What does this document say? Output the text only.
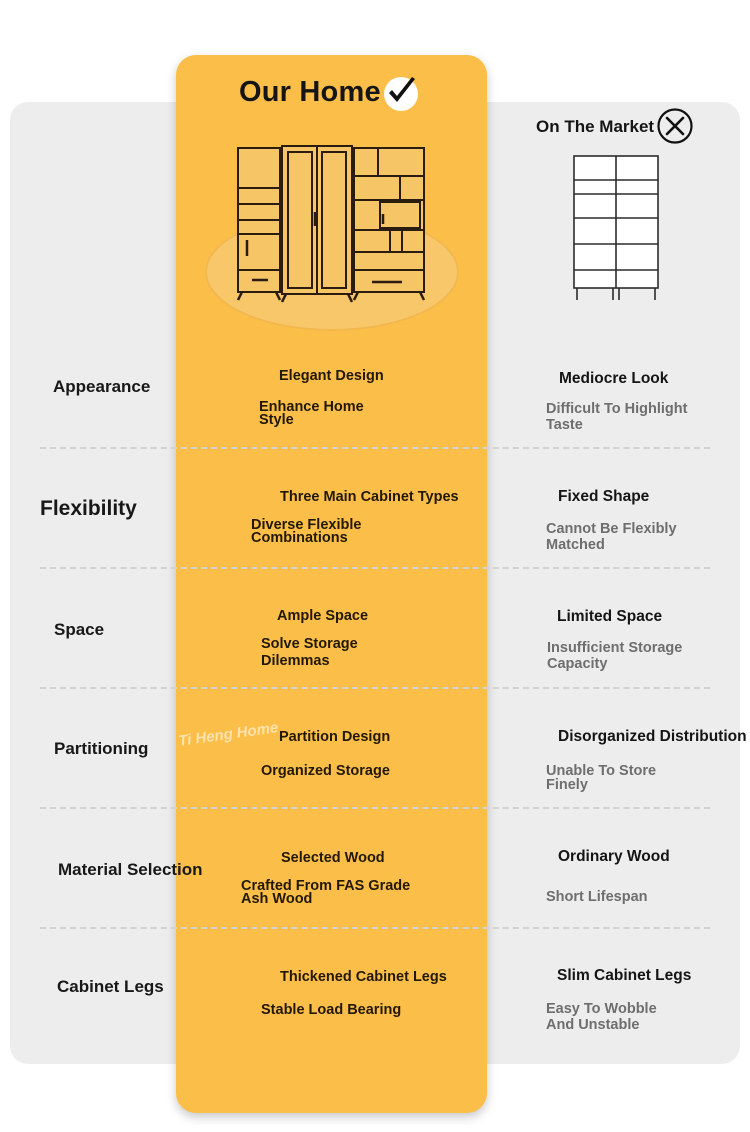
Our Home
On The Market
Ti Heng Home
Appearance
Elegant Design
Enhance Home Style
Mediocre Look
Difficult To Highlight Taste
Flexibility	Three Main Cabinet Types
Diverse Flexible Combinations
Fixed Shape
Cannot Be Flexibly Matched
Space
Ample Space
Solve Storage Dilemmas
Limited Space
Insufficient Storage Capacity
Partitioning
Partition Design
Organized Storage
Disorganized Distribution
Unable To Store Finely
Material Selection
Selected Wood
Crafted From FAS Grade Ash Wood
Ordinary Wood
Short Lifespan
Cabinet Legs	Thickened Cabinet Legs
Stable Load Bearing
Slim Cabinet Legs
Easy To Wobble And Unstable
